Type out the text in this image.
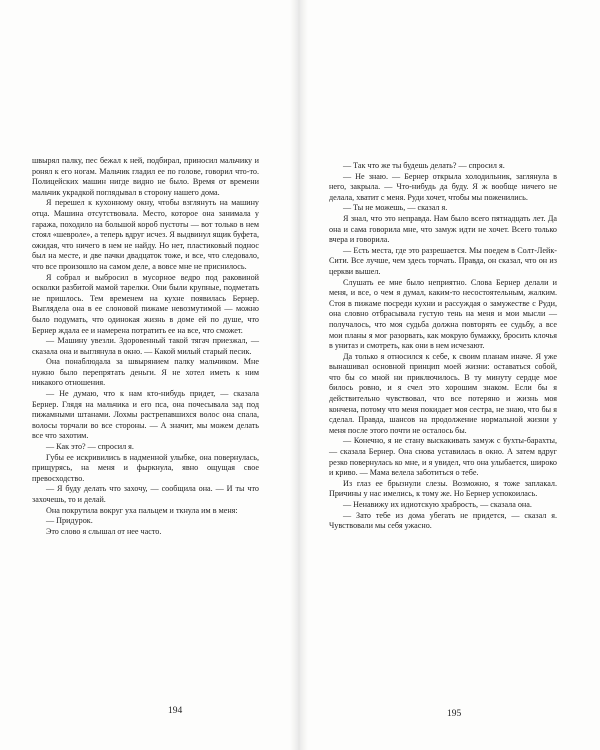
швырял палку, пес бежал к ней, подбирал, приносил мальчику и ронял к его ногам. Мальчик гладил ее по голове, говорил что-то. Полицейских машин нигде видно не было. Время от времени мальчик украдкой поглядывал в сторону нашего дома.

Я перешел к кухонному окну, чтобы взглянуть на машину отца. Машина отсутствовала. Место, которое она занимала у гаража, походило на большой короб пустоты — вот только в нем стоял «шевроле», а теперь вдруг исчез. Я выдвинул ящик буфета, ожидая, что ничего в нем не найду. Но нет, пластиковый поднос был на месте, и две пачки двадцаток тоже, и все, что следовало, что все произошло на самом деле, а вовсе мне не приснилось.

Я собрал и выбросил в мусорное ведро под раковиной осколки разбитой мамой тарелки. Они были крупные, подметать не пришлось. Тем временем на кухне появилась Бернер. Выглядела она в ее слоновой пижаме невозмутимой — можно было подумать, что одинокая жизнь в доме ей по душе, что Бернер ждала ее и намерена потратить ее на все, что сможет.

— Машину увезли. Здоровенный такой тягач приезжал, — сказала она и выглянула в окно. — Какой милый старый песик.

Она понаблюдала за швырянием палку мальчиком. Мне нужно было перепрятать деньги. Я не хотел иметь к ним никакого отношения.

— Не думаю, что к нам кто-нибудь придет, — сказала Бернер. Глядя на мальчика и его пса, она почесывала зад под пижамными штанами. Лохмы растрепавшихся волос она спала, волосы торчали во все стороны. — А значит, мы можем делать все что захотим.

— Как это? — спросил я.

Губы ее искривились в надменной улыбке, она повернулась, прищурясь, на меня и фыркнула, явно ощущая свое превосходство.

— Я буду делать что захочу, — сообщила она. — И ты что захочешь, то и делай.

Она покрутила вокруг уха пальцем и ткнула им в меня:

— Придурок.

Это слово я слышал от нее часто.

194

— Так что же ты будешь делать? — спросил я.

— Не знаю. — Бернер открыла холодильник, заглянула в него, закрыла. — Что-нибудь да буду. Я ж вообще ничего не делала, хватит с меня. Руди хочет, чтобы мы поженились.

— Ты не можешь, — сказал я.

Я знал, что это неправда. Нам было всего пятнадцать лет. Да она и сама говорила мне, что замуж идти не хочет. Всего только вчера и говорила.

— Есть места, где это разрешается. Мы поедем в Солт-Лейк-Сити. Все лучше, чем здесь торчать. Правда, он сказал, что он из церкви вышел.

Слушать ее мне было неприятно. Слова Бернер делали и меня, и все, о чем я думал, каким-то несостоятельным, жалким. Стоя в пижаме посреди кухни и рассуждая о замужестве с Руди, она словно отбрасывала густую тень на меня и мои мысли — получалось, что моя судьба должна повторять ее судьбу, а все мои планы я мог разорвать, как мокрую бумажку, бросить клочья в унитаз и смотреть, как они в нем исчезают.

Да только я относился к себе, к своим планам иначе. Я уже вынашивал основной принцип моей жизни: оставаться собой, что бы со мной ни приключилось. В ту минуту сердце мое билось ровно, и я счел это хорошим знаком. Если бы я действительно чувствовал, что все потеряно и жизнь моя кончена, потому что меня покидает моя сестра, не знаю, что бы я сделал. Правда, шансов на продолжение нормальной жизни у меня после этого почти не осталось бы.

— Конечно, я не стану выскакивать замуж с бухты-барахты, — сказала Бернер. Она снова уставилась в окно. А затем вдруг резко повернулась ко мне, и я увидел, что она улыбается, широко и криво. — Мама велела заботиться о тебе.

Из глаз ее брызнули слезы. Возможно, я тоже заплакал. Причины у нас имелись, к тому же. Но Бернер успокоилась.

— Ненавижу их идиотскую храбрость, — сказала она.

— Зато тебе из дома убегать не придется, — сказал я. Чувствовали мы себя ужасно.

195
